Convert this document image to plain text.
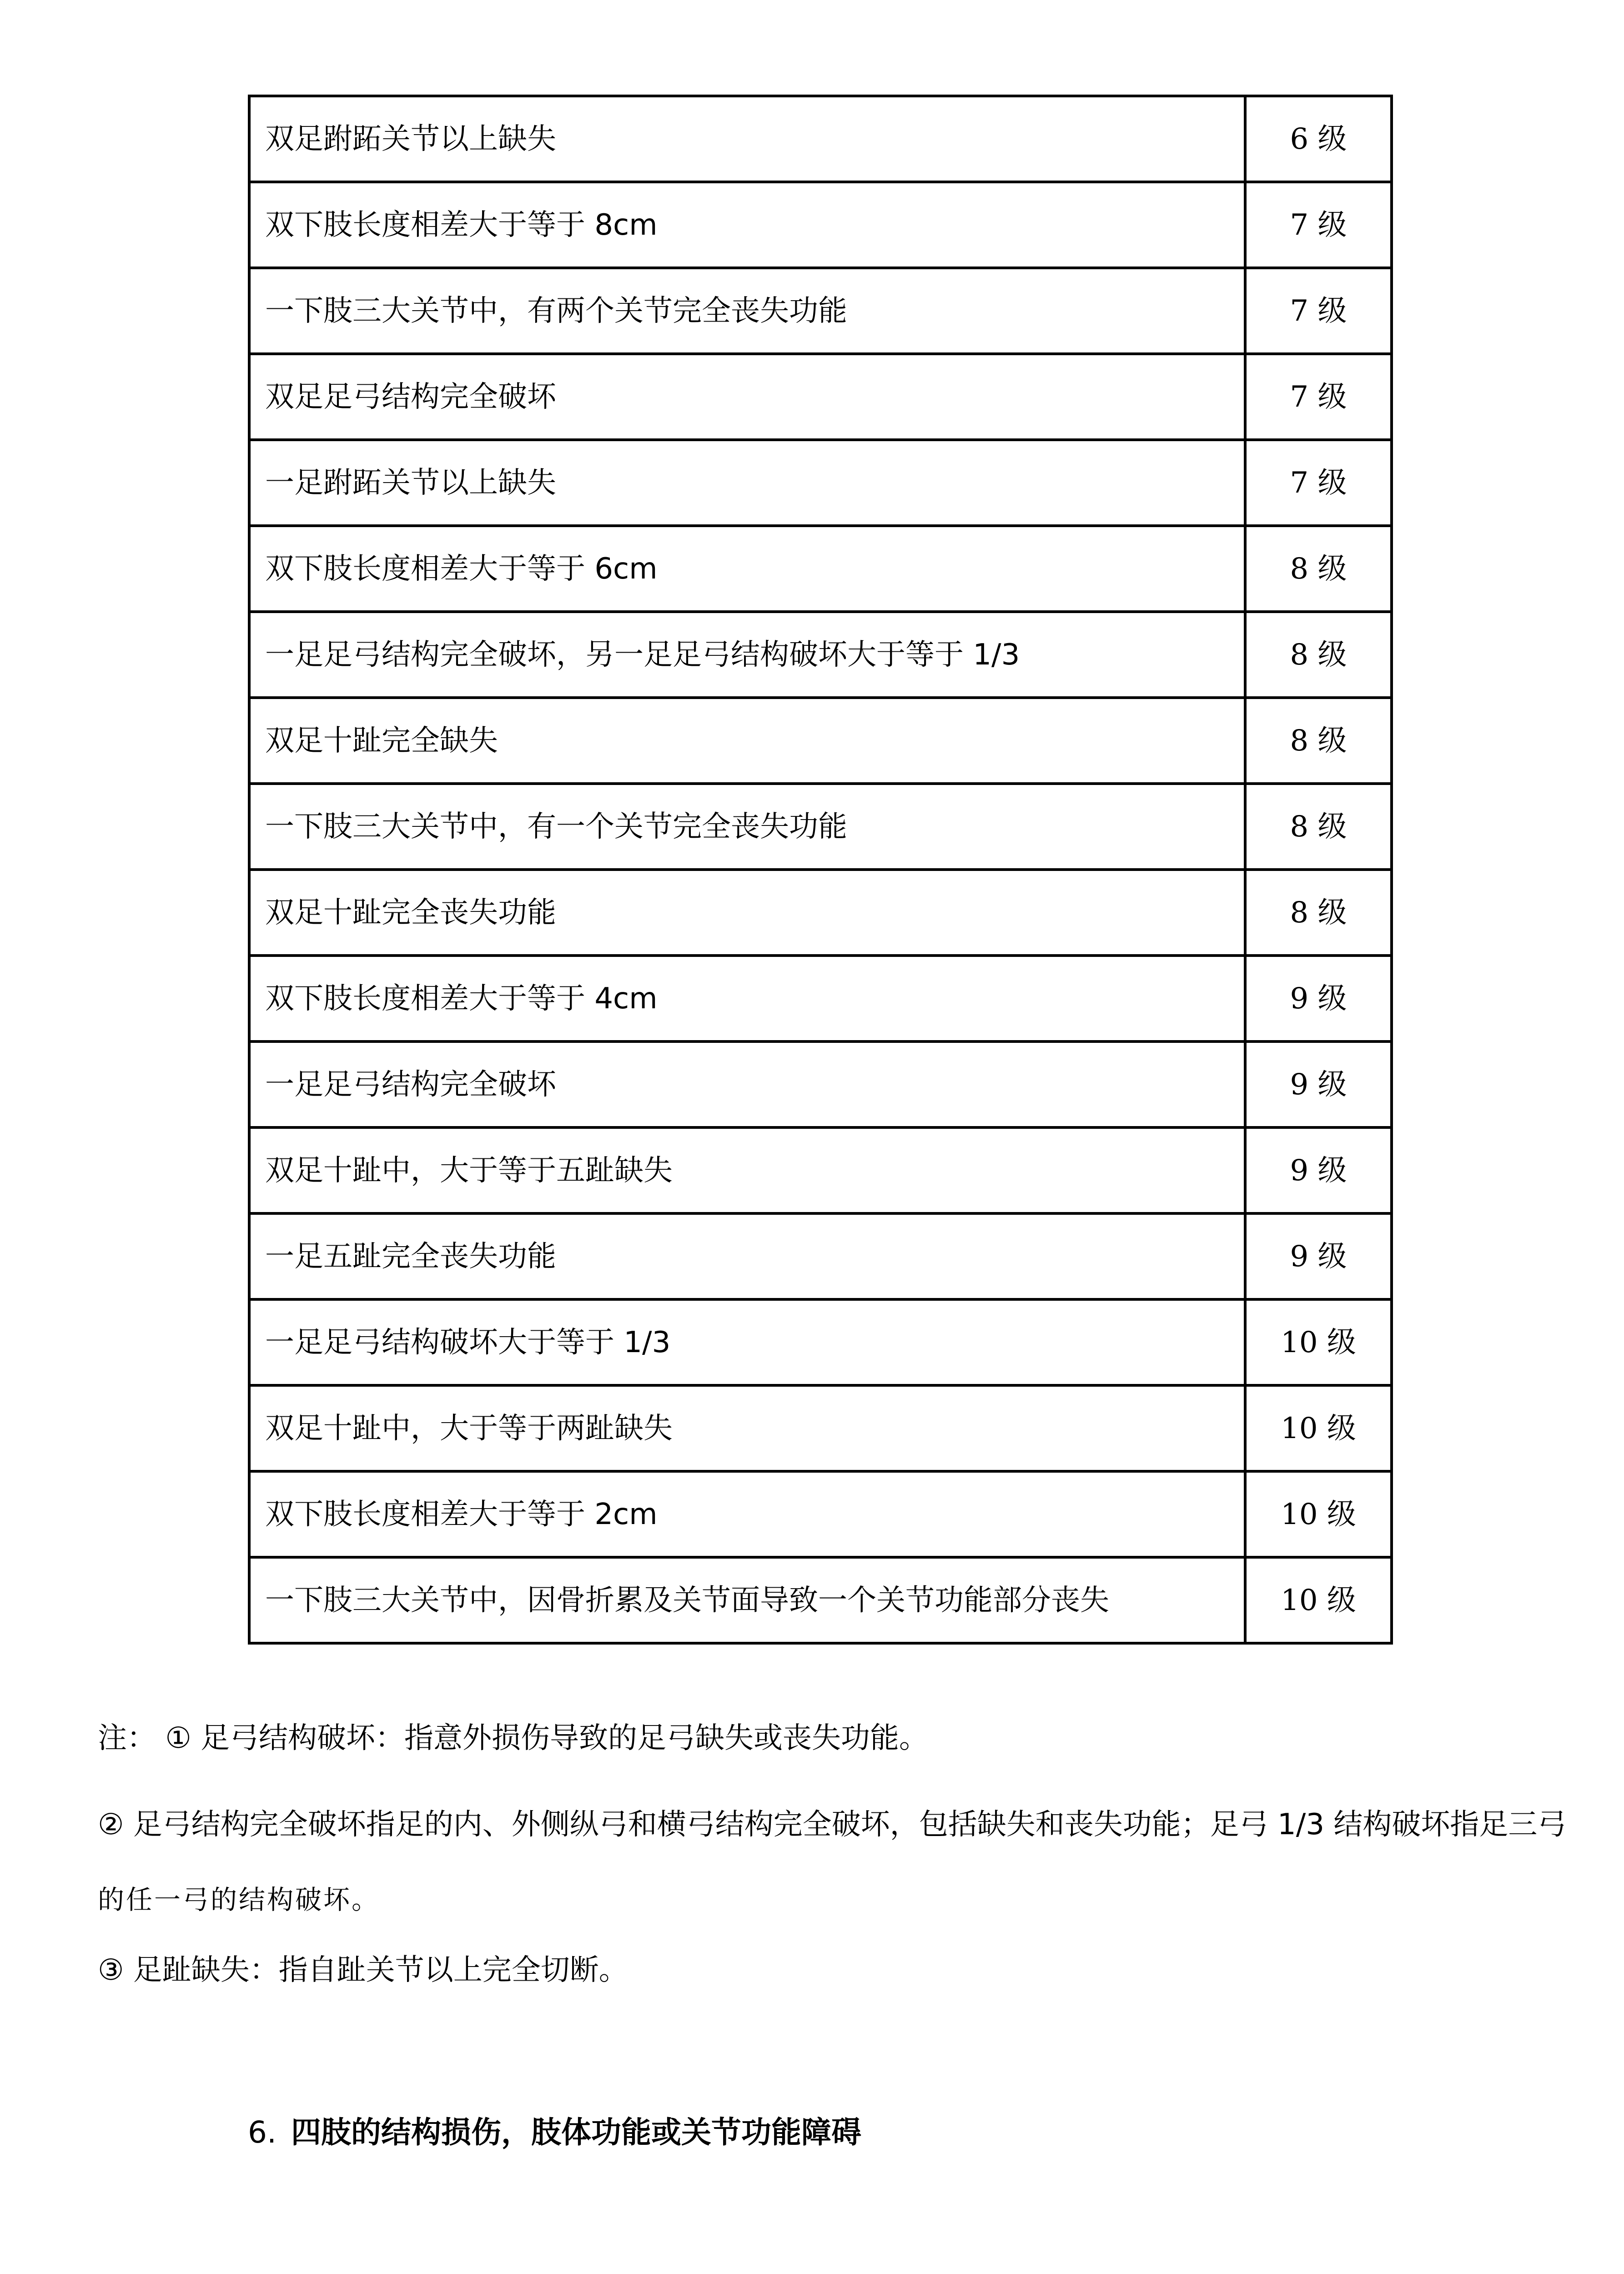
双足跗跖关节以上缺失	6 级
双下肢长度相差大于等于 8cm	7 级
一下肢三大关节中，有两个关节完全丧失功能	7 级
双足足弓结构完全破坏	7 级
一足跗跖关节以上缺失	7 级
双下肢长度相差大于等于 6cm	8 级
一足足弓结构完全破坏，另一足足弓结构破坏大于等于 1/3	8 级
双足十趾完全缺失	8 级
一下肢三大关节中，有一个关节完全丧失功能	8 级
双足十趾完全丧失功能	8 级
双下肢长度相差大于等于 4cm	9 级
一足足弓结构完全破坏	9 级
双足十趾中，大于等于五趾缺失	9 级
一足五趾完全丧失功能	9 级
一足足弓结构破坏大于等于 1/3	10 级
双足十趾中，大于等于两趾缺失	10 级
双下肢长度相差大于等于 2cm	10 级
一下肢三大关节中，因骨折累及关节面导致一个关节功能部分丧失	10 级
注： ① 足弓结构破坏：指意外损伤导致的足弓缺失或丧失功能。
② 足弓结构完全破坏指足的内、外侧纵弓和横弓结构完全破坏，包括缺失和丧失功能；足弓 1/3 结构破坏指足三弓
的任一弓的结构破坏。
③ 足趾缺失：指自趾关节以上完全切断。
6. 四肢的结构损伤，肢体功能或关节功能障碍
